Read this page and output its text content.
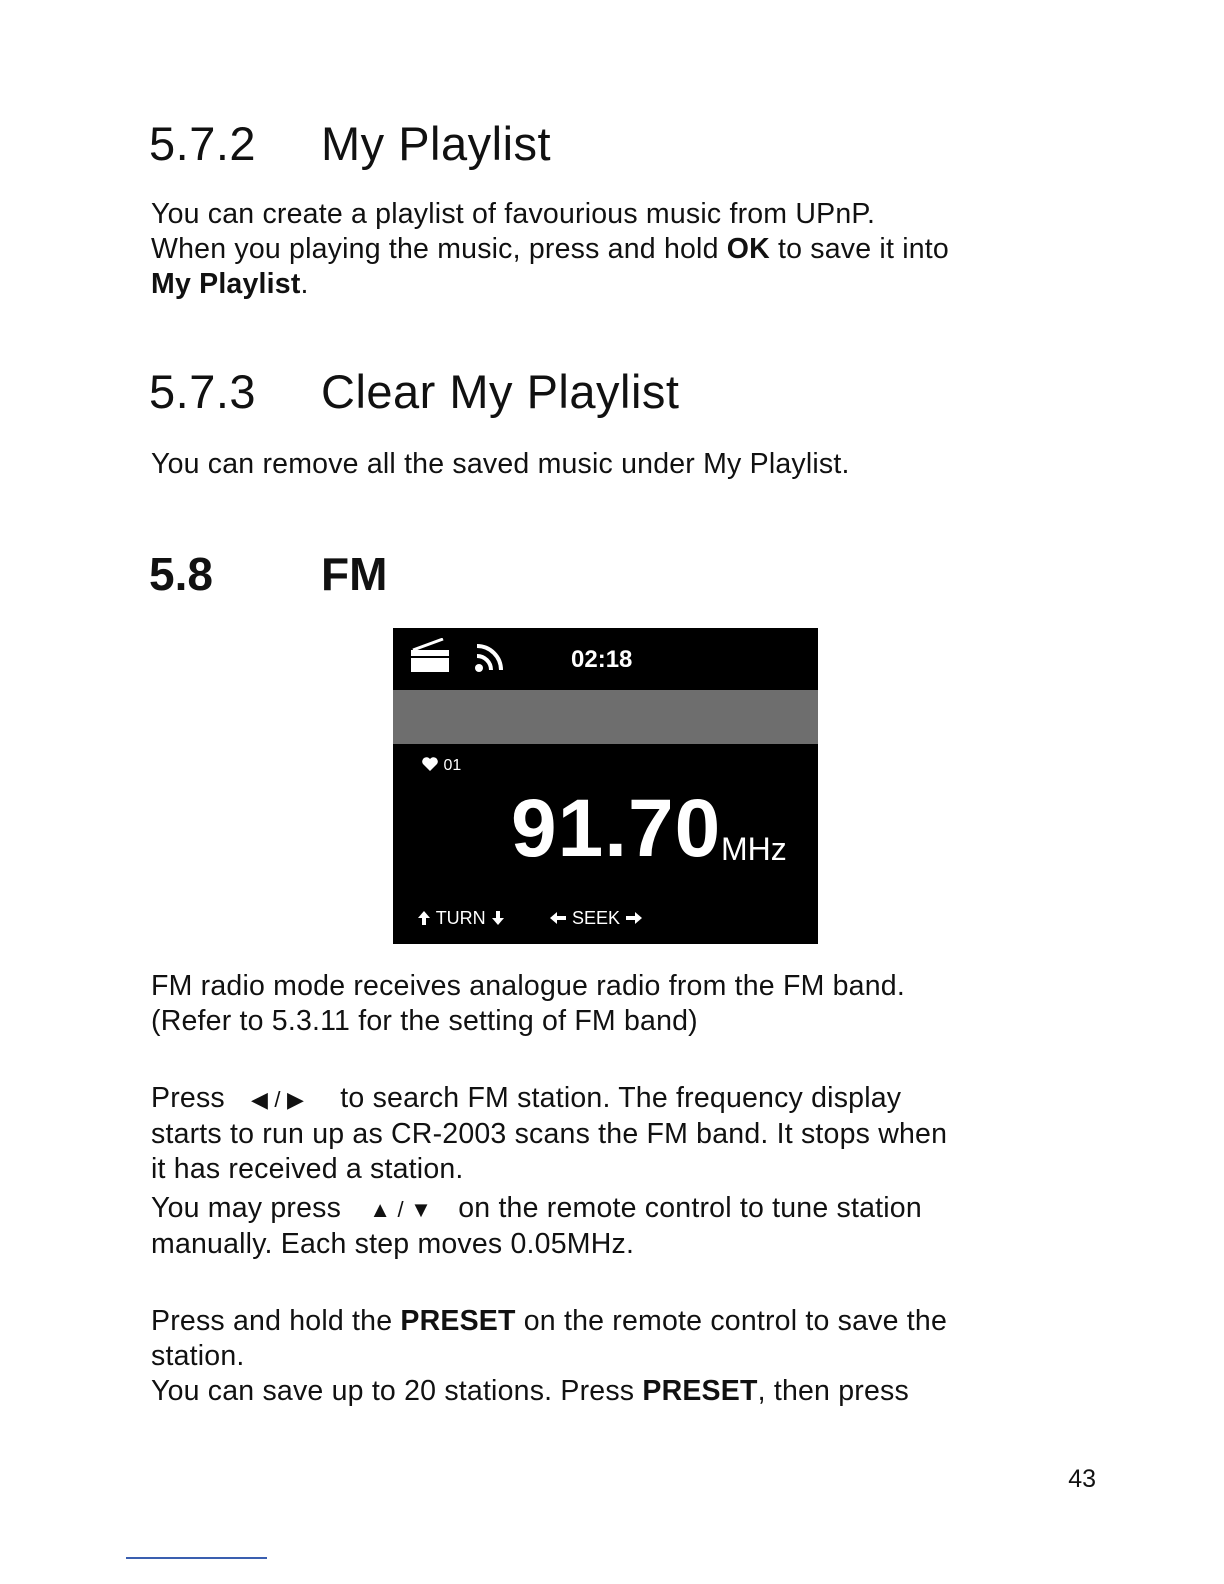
5.7.2 My Playlist

You can create a playlist of favourious music from UPnP.

When you playing the music, press and hold OK to save it into

My Playlist.

5.7.3 Clear My Playlist

You can remove all the saved music under My Playlist.

5.8 FM
02:18
01
91.70 MHz
TURN	SEEK

FM radio mode receives analogue radio from the FM band.

(Refer to 5.3.11 for the setting of FM band)

Press ◀ / ▶ to search FM station. The frequency display

starts to run up as CR-2003 scans the FM band. It stops when

it has received a station.

You may press ▲ / ▼ on the remote control to tune station

manually. Each step moves 0.05MHz.

Press and hold the PRESET on the remote control to save the

station.

You can save up to 20 stations. Press PRESET, then press

43
